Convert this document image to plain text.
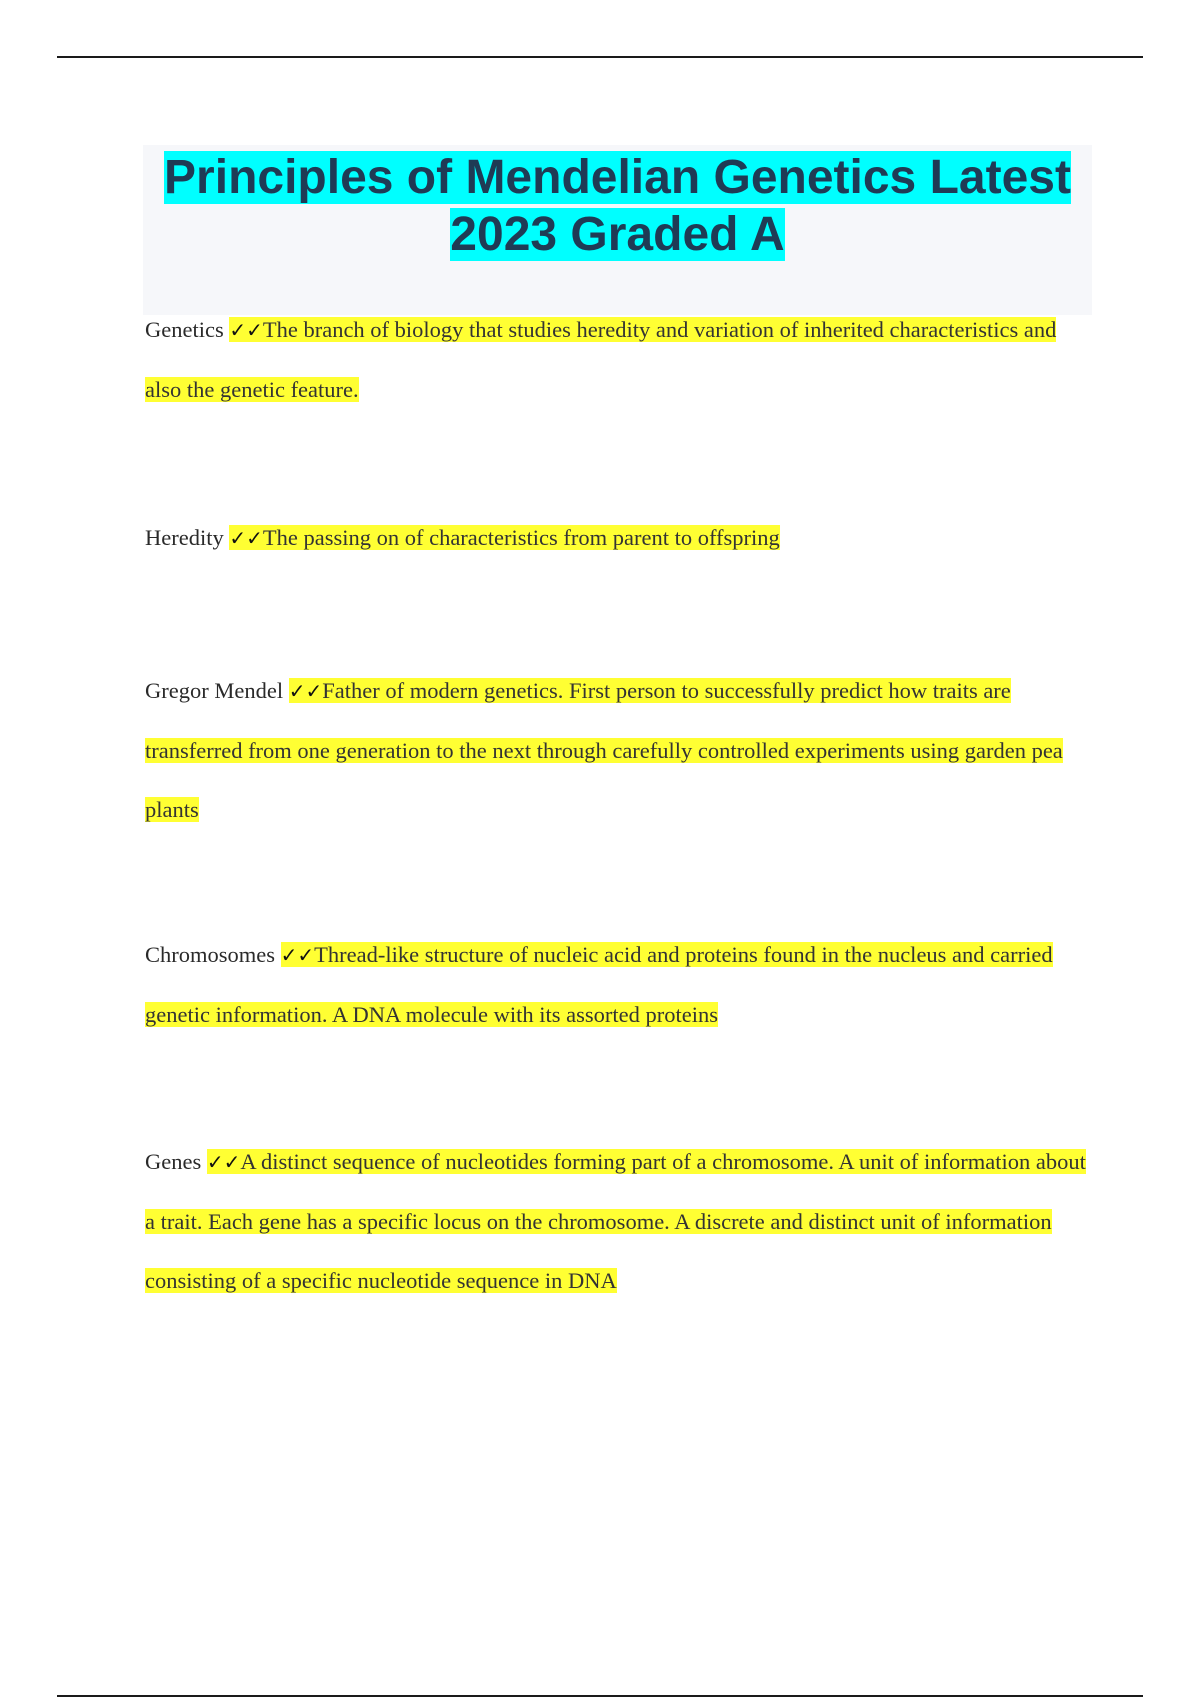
Principles of Mendelian Genetics Latest 2023 Graded A

Genetics ✓✓The branch of biology that studies heredity and variation of inherited characteristics and also the genetic feature.

Heredity ✓✓The passing on of characteristics from parent to offspring

Gregor Mendel ✓✓Father of modern genetics. First person to successfully predict how traits are transferred from one generation to the next through carefully controlled experiments using garden pea plants

Chromosomes ✓✓Thread-like structure of nucleic acid and proteins found in the nucleus and carried genetic information. A DNA molecule with its assorted proteins

Genes ✓✓A distinct sequence of nucleotides forming part of a chromosome. A unit of information about a trait. Each gene has a specific locus on the chromosome. A discrete and distinct unit of information consisting of a specific nucleotide sequence in DNA
